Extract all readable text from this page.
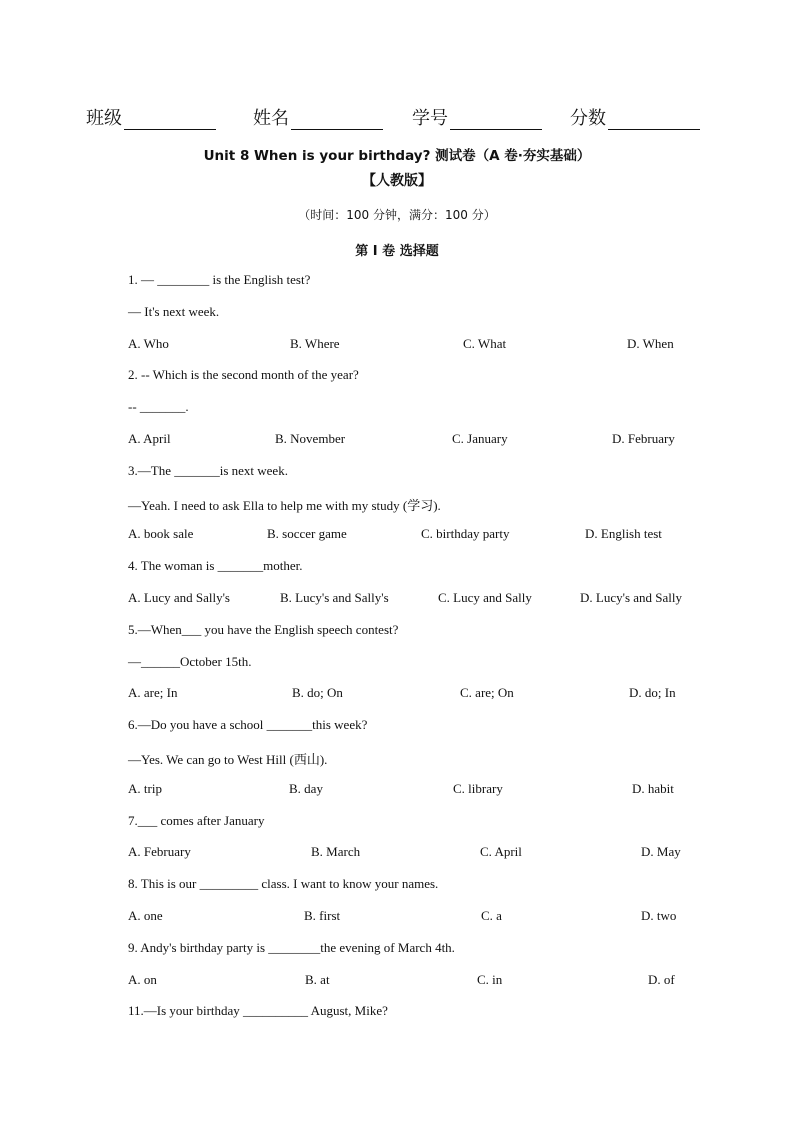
班级	姓名	学号	分数
Unit 8 When is your birthday? 测试卷（A 卷·夯实基础）
【人教版】
（时间：100 分钟，满分：100 分）
第 I 卷 选择题
1. — ________ is the English test?
— It's next week.
A. Who	B. Where	C. What	D. When
2. -- Which is the second month of the year?
-- _______.
A. April	B. November	C. January	D. February
3.—The _______is next week.
—Yeah. I need to ask Ella to help me with my study (学习).
A. book sale	B. soccer game	C. birthday party	D. English test
4. The woman is _______mother.
A. Lucy and Sally's	B. Lucy's and Sally's	C. Lucy and Sally	D. Lucy's and Sally
5.—When___ you have the English speech contest?
—______October 15th.
A. are; In	B. do; On	C. are; On	D. do; In
6.—Do you have a school _______this week?
—Yes. We can go to West Hill (西山).
A. trip	B. day	C. library	D. habit
7.___ comes after January
A. February	B. March	C. April	D. May
8. This is our _________ class. I want to know your names.
A. one	B. first	C. a	D. two
9. Andy's birthday party is ________the evening of March 4th.
A. on	B. at	C. in	D. of
11.—Is your birthday __________ August, Mike?
